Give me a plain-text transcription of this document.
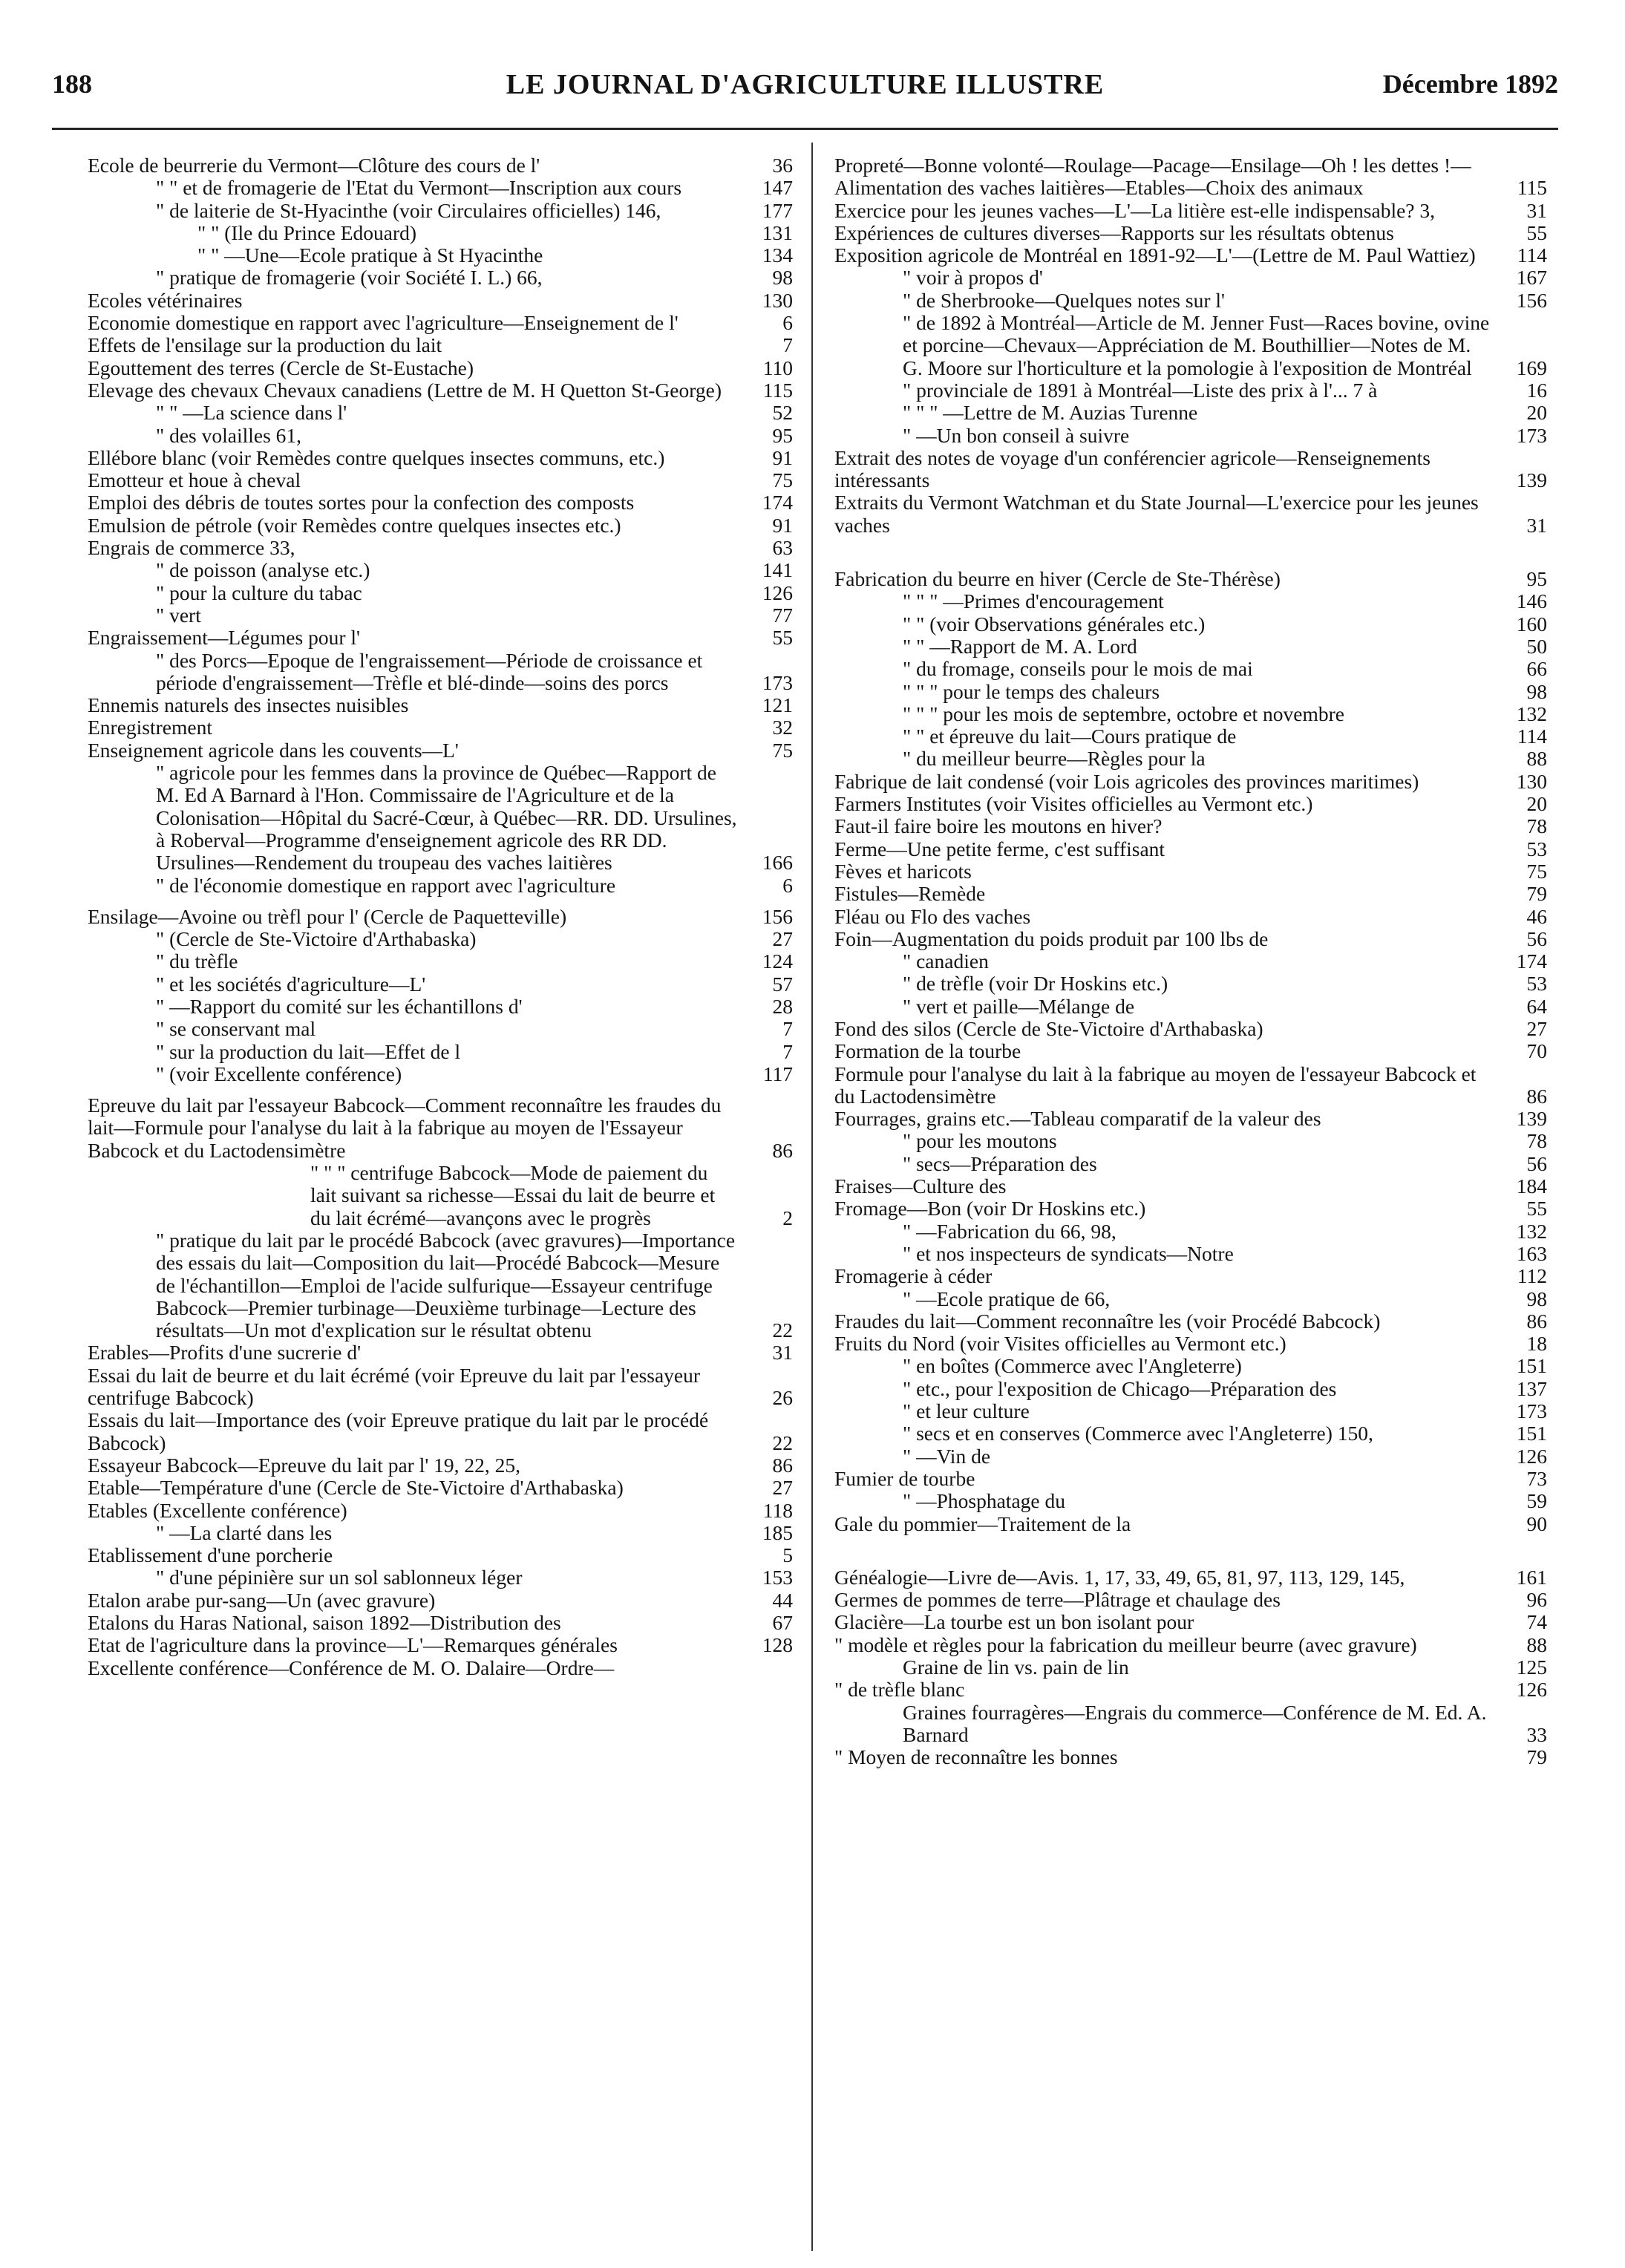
188	LE JOURNAL D'AGRICULTURE ILLUSTRE	Décembre 1892
Ecole de beurrerie du Vermont—Clôture des cours de l'	36
" " et de fromagerie de l'Etat du Vermont—Inscription aux cours	147
" de laiterie de St-Hyacinthe (voir Circulaires officielles) 146,	177
" " (Ile du Prince Edouard)	131
" " —Une—Ecole pratique à St Hyacinthe	134
" pratique de fromagerie (voir Société I. L.) 66,	98
Ecoles vétérinaires	130
Economie domestique en rapport avec l'agriculture—Enseignement de l'	6
Effets de l'ensilage sur la production du lait	7
Egouttement des terres (Cercle de St-Eustache)	110
Elevage des chevaux Chevaux canadiens (Lettre de M. H Quetton St-George)	115
" " —La science dans l'	52
" des volailles 61,	95
Ellébore blanc (voir Remèdes contre quelques insectes communs, etc.)	91
Emotteur et houe à cheval	75
Emploi des débris de toutes sortes pour la confection des composts	174
Emulsion de pétrole (voir Remèdes contre quelques insectes etc.)	91
Engrais de commerce 33,	63
" de poisson (analyse etc.)	141
" pour la culture du tabac	126
" vert	77
Engraissement—Légumes pour l'	55
" des Porcs—Epoque de l'engraissement—Période de croissance et période d'engraissement—Trèfle et blé-dinde—soins des porcs	173
Ennemis naturels des insectes nuisibles	121
Enregistrement	32
Enseignement agricole dans les couvents—L'	75
" agricole pour les femmes dans la province de Québec—Rapport de M. Ed A Barnard à l'Hon. Commissaire de l'Agriculture et de la Colonisation—Hôpital du Sacré-Cœur, à Québec—RR. DD. Ursulines, à Roberval—Programme d'enseignement agricole des RR DD. Ursulines—Rendement du troupeau des vaches laitières	166
" de l'économie domestique en rapport avec l'agriculture	6
Ensilage—Avoine ou trèfl pour l' (Cercle de Paquetteville)	156
" (Cercle de Ste-Victoire d'Arthabaska)	27
" du trèfle	124
" et les sociétés d'agriculture—L'	57
" —Rapport du comité sur les échantillons d'	28
" se conservant mal	7
" sur la production du lait—Effet de l	7
" (voir Excellente conférence)	117
Epreuve du lait par l'essayeur Babcock—Comment reconnaître les fraudes du lait—Formule pour l'analyse du lait à la fabrique au moyen de l'Essayeur Babcock et du Lactodensimètre	86
" " " centrifuge Babcock—Mode de paiement du lait suivant sa richesse—Essai du lait de beurre et du lait écrémé—avançons avec le progrès	2
" pratique du lait par le procédé Babcock (avec gravures)—Importance des essais du lait—Composition du lait—Procédé Babcock—Mesure de l'échantillon—Emploi de l'acide sulfurique—Essayeur centrifuge Babcock—Premier turbinage—Deuxième turbinage—Lecture des résultats—Un mot d'explication sur le résultat obtenu	22
Erables—Profits d'une sucrerie d'	31
Essai du lait de beurre et du lait écrémé (voir Epreuve du lait par l'essayeur centrifuge Babcock)	26
Essais du lait—Importance des (voir Epreuve pratique du lait par le procédé Babcock)	22
Essayeur Babcock—Epreuve du lait par l' 19, 22, 25,	86
Etable—Température d'une (Cercle de Ste-Victoire d'Arthabaska)	27
Etables (Excellente conférence)	118
" —La clarté dans les	185
Etablissement d'une porcherie	5
" d'une pépinière sur un sol sablonneux léger	153
Etalon arabe pur-sang—Un (avec gravure)	44
Etalons du Haras National, saison 1892—Distribution des	67
Etat de l'agriculture dans la province—L'—Remarques générales	128
Excellente conférence—Conférence de M. O. Dalaire—Ordre—
Propreté—Bonne volonté—Roulage—Pacage—Ensilage—Oh ! les dettes !—Alimentation des vaches laitières—Etables—Choix des animaux	115
Exercice pour les jeunes vaches—L'—La litière est-elle indispensable? 3,	31
Expériences de cultures diverses—Rapports sur les résultats obtenus	55
Exposition agricole de Montréal en 1891-92—L'—(Lettre de M. Paul Wattiez)	114
" voir à propos d'	167
" de Sherbrooke—Quelques notes sur l'	156
" de 1892 à Montréal—Article de M. Jenner Fust—Races bovine, ovine et porcine—Chevaux—Appréciation de M. Bouthillier—Notes de M. G. Moore sur l'horticulture et la pomologie à l'exposition de Montréal	169
" provinciale de 1891 à Montréal—Liste des prix à l'... 7 à	16
" " " —Lettre de M. Auzias Turenne	20
" —Un bon conseil à suivre	173
Extrait des notes de voyage d'un conférencier agricole—Renseignements intéressants	139
Extraits du Vermont Watchman et du State Journal—L'exercice pour les jeunes vaches	31
Fabrication du beurre en hiver (Cercle de Ste-Thérèse)	95
" " " —Primes d'encouragement	146
" " (voir Observations générales etc.)	160
" " —Rapport de M. A. Lord	50
" du fromage, conseils pour le mois de mai	66
" " " pour le temps des chaleurs	98
" " " pour les mois de septembre, octobre et novembre	132
" " et épreuve du lait—Cours pratique de	114
" du meilleur beurre—Règles pour la	88
Fabrique de lait condensé (voir Lois agricoles des provinces maritimes)	130
Farmers Institutes (voir Visites officielles au Vermont etc.)	20
Faut-il faire boire les moutons en hiver?	78
Ferme—Une petite ferme, c'est suffisant	53
Fèves et haricots	75
Fistules—Remède	79
Fléau ou Flo des vaches	46
Foin—Augmentation du poids produit par 100 lbs de	56
" canadien	174
" de trèfle (voir Dr Hoskins etc.)	53
" vert et paille—Mélange de	64
Fond des silos (Cercle de Ste-Victoire d'Arthabaska)	27
Formation de la tourbe	70
Formule pour l'analyse du lait à la fabrique au moyen de l'essayeur Babcock et du Lactodensimètre	86
Fourrages, grains etc.—Tableau comparatif de la valeur des	139
" pour les moutons	78
" secs—Préparation des	56
Fraises—Culture des	184
Fromage—Bon (voir Dr Hoskins etc.)	55
" —Fabrication du 66, 98,	132
" et nos inspecteurs de syndicats—Notre	163
Fromagerie à céder	112
" —Ecole pratique de 66,	98
Fraudes du lait—Comment reconnaître les (voir Procédé Babcock)	86
Fruits du Nord (voir Visites officielles au Vermont etc.)	18
" en boîtes (Commerce avec l'Angleterre)	151
" etc., pour l'exposition de Chicago—Préparation des	137
" et leur culture	173
" secs et en conserves (Commerce avec l'Angleterre) 150,	151
" —Vin de	126
Fumier de tourbe	73
" —Phosphatage du	59
Gale du pommier—Traitement de la	90
Généalogie—Livre de—Avis. 1, 17, 33, 49, 65, 81, 97, 113, 129, 145,	161
Germes de pommes de terre—Plâtrage et chaulage des	96
Glacière—La tourbe est un bon isolant pour	74
" modèle et règles pour la fabrication du meilleur beurre (avec gravure)	88
Graine de lin vs. pain de lin	125
" de trèfle blanc	126
Graines fourragères—Engrais du commerce—Conférence de M. Ed. A. Barnard	33
" Moyen de reconnaître les bonnes	79
